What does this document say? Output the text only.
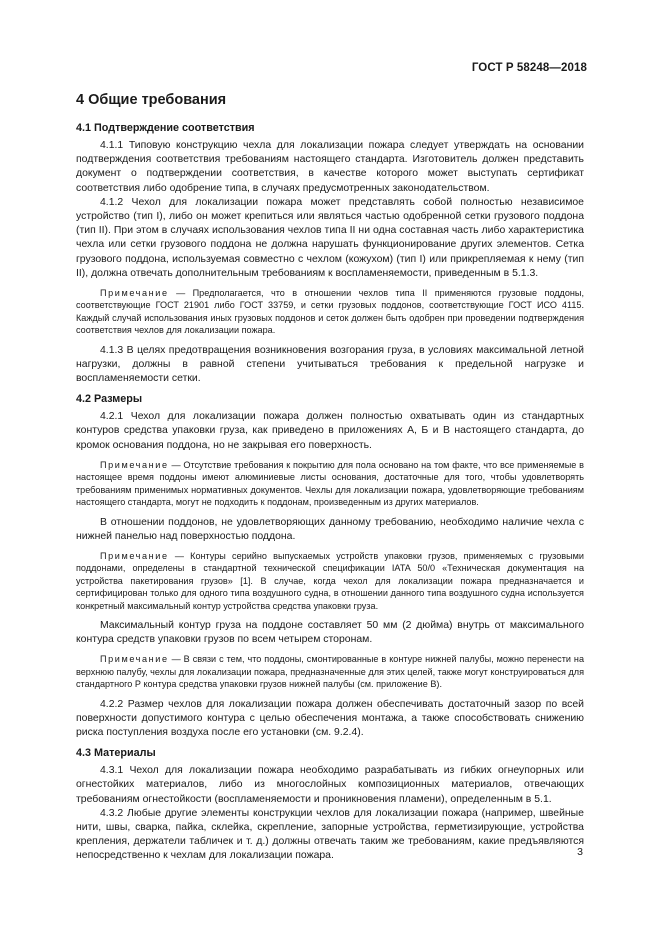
ГОСТ Р 58248—2018
4 Общие требования
4.1 Подтверждение соответствия

4.1.1 Типовую конструкцию чехла для локализации пожара следует утверждать на основании подтверждения соответствия требованиям настоящего стандарта. Изготовитель должен представить документ о подтверждении соответствия, в качестве которого может выступать сертификат соответствия либо одобрение типа, в случаях предусмотренных законодательством.

4.1.2 Чехол для локализации пожара может представлять собой полностью независимое устройство (тип I), либо он может крепиться или являться частью одобренной сетки грузового поддона (тип II). При этом в случаях использования чехлов типа II ни одна составная часть либо характеристика чехла или сетки грузового поддона не должна нарушать функционирование других элементов. Сетка грузового поддона, используемая совместно с чехлом (кожухом) (тип I) или прикрепляемая к нему (тип II), должна отвечать дополнительным требованиям к воспламеняемости, приведенным в 5.1.3.

Примечание — Предполагается, что в отношении чехлов типа II применяются грузовые поддоны, соответствующие ГОСТ 21901 либо ГОСТ 33759, и сетки грузовых поддонов, соответствующие ГОСТ ИСО 4115. Каждый случай использования иных грузовых поддонов и сеток должен быть одобрен при проведении подтверждения соответствия чехлов для локализации пожара.

4.1.3 В целях предотвращения возникновения возгорания груза, в условиях максимальной летной нагрузки, должны в равной степени учитываться требования к предельной нагрузке и воспламеняемости сетки.

4.2 Размеры

4.2.1 Чехол для локализации пожара должен полностью охватывать один из стандартных контуров средства упаковки груза, как приведено в приложениях А, Б и В настоящего стандарта, до кромок основания поддона, но не закрывая его поверхность.

Примечание — Отсутствие требования к покрытию для пола основано на том факте, что все применяемые в настоящее время поддоны имеют алюминиевые листы основания, достаточные для того, чтобы удовлетворять требованиям применимых нормативных документов. Чехлы для локализации пожара, удовлетворяющие требованиям настоящего стандарта, могут не подходить к поддонам, произведенным из других материалов.

В отношении поддонов, не удовлетворяющих данному требованию, необходимо наличие чехла с нижней панелью над поверхностью поддона.

Примечание — Контуры серийно выпускаемых устройств упаковки грузов, применяемых с грузовыми поддонами, определены в стандартной технической спецификации IATA 50/0 «Техническая документация на устройства пакетирования грузов» [1]. В случае, когда чехол для локализации пожара предназначается и сертифицирован только для одного типа воздушного судна, в отношении данного типа воздушного судна используется конкретный максимальный контур устройства средства упаковки груза.

Максимальный контур груза на поддоне составляет 50 мм (2 дюйма) внутрь от максимального контура средств упаковки грузов по всем четырем сторонам.

Примечание — В связи с тем, что поддоны, смонтированные в контуре нижней палубы, можно перенести на верхнюю палубу, чехлы для локализации пожара, предназначенные для этих целей, также могут конструироваться для стандартного Р контура средства упаковки грузов нижней палубы (см. приложение В).

4.2.2 Размер чехлов для локализации пожара должен обеспечивать достаточный зазор по всей поверхности допустимого контура с целью обеспечения монтажа, а также способствовать снижению риска поступления воздуха после его установки (см. 9.2.4).

4.3 Материалы

4.3.1 Чехол для локализации пожара необходимо разрабатывать из гибких огнеупорных или огнестойких материалов, либо из многослойных композиционных материалов, отвечающих требованиям огнестойкости (воспламеняемости и проникновения пламени), определенным в 5.1.

4.3.2 Любые другие элементы конструкции чехлов для локализации пожара (например, швейные нити, швы, сварка, пайка, склейка, скрепление, запорные устройства, герметизирующие, устройства крепления, держатели табличек и т. д.) должны отвечать таким же требованиям, какие предъявляются непосредственно к чехлам для локализации пожара.	3
